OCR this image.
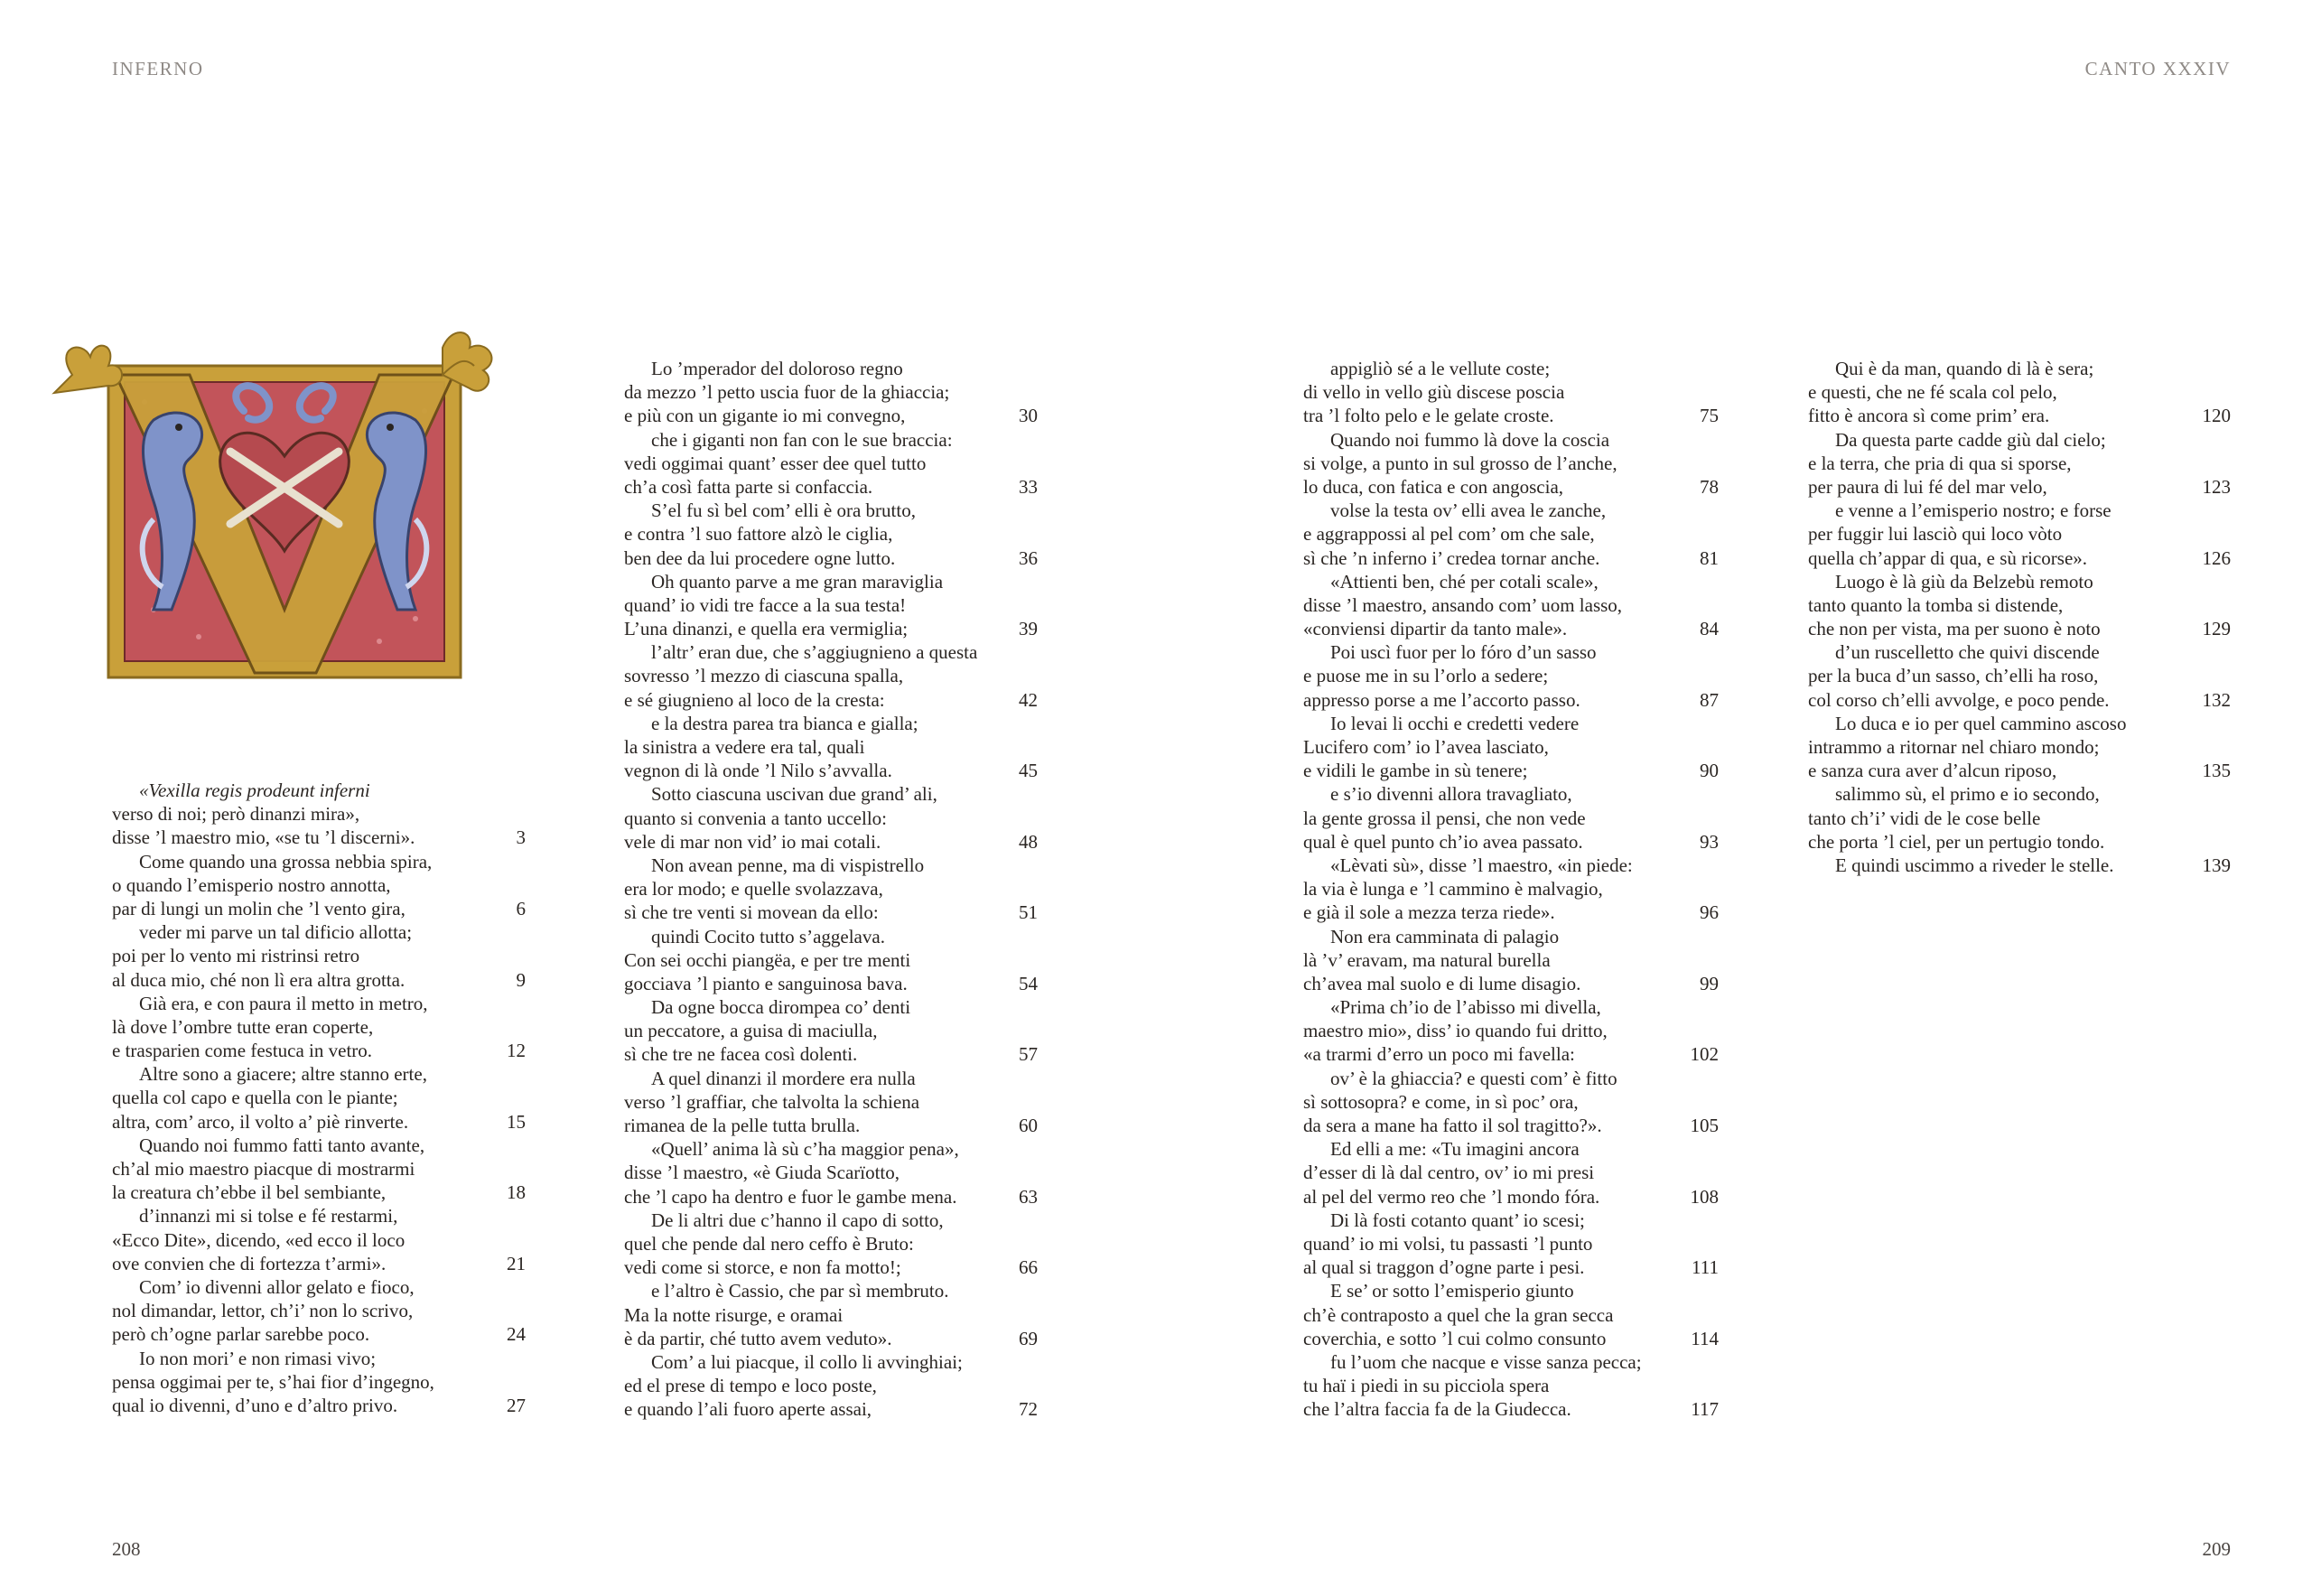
INFERNO	CANTO XXXIV
«Vexilla regis prodeunt inferni
verso di noi; però dinanzi mira»,
disse ’l maestro mio, «se tu ’l discerni».	3
Come quando una grossa nebbia spira,
o quando l’emisperio nostro annotta,
par di lungi un molin che ’l vento gira,	6
veder mi parve un tal dificio allotta;
poi per lo vento mi ristrinsi retro
al duca mio, ché non lì era altra grotta.	9
Già era, e con paura il metto in metro,
là dove l’ombre tutte eran coperte,
e trasparien come festuca in vetro.	12
Altre sono a giacere; altre stanno erte,
quella col capo e quella con le piante;
altra, com’ arco, il volto a’ piè rinverte.	15
Quando noi fummo fatti tanto avante,
ch’al mio maestro piacque di mostrarmi
la creatura ch’ebbe il bel sembiante,	18
d’innanzi mi si tolse e fé restarmi,
«Ecco Dite», dicendo, «ed ecco il loco
ove convien che di fortezza t’armi».	21
Com’ io divenni allor gelato e fioco,
nol dimandar, lettor, ch’i’ non lo scrivo,
però ch’ogne parlar sarebbe poco.	24
Io non mori’ e non rimasi vivo;
pensa oggimai per te, s’hai fior d’ingegno,
qual io divenni, d’uno e d’altro privo.	27
Lo ’mperador del doloroso regno
da mezzo ’l petto uscia fuor de la ghiaccia;
e più con un gigante io mi convegno,	30
che i giganti non fan con le sue braccia:
vedi oggimai quant’ esser dee quel tutto
ch’a così fatta parte si confaccia.	33
S’el fu sì bel com’ elli è ora brutto,
e contra ’l suo fattore alzò le ciglia,
ben dee da lui procedere ogne lutto.	36
Oh quanto parve a me gran maraviglia
quand’ io vidi tre facce a la sua testa!
L’una dinanzi, e quella era vermiglia;	39
l’altr’ eran due, che s’aggiugnieno a questa
sovresso ’l mezzo di ciascuna spalla,
e sé giugnieno al loco de la cresta:	42
e la destra parea tra bianca e gialla;
la sinistra a vedere era tal, quali
vegnon di là onde ’l Nilo s’avvalla.	45
Sotto ciascuna uscivan due grand’ ali,
quanto si convenia a tanto uccello:
vele di mar non vid’ io mai cotali.	48
Non avean penne, ma di vispistrello
era lor modo; e quelle svolazzava,
sì che tre venti si movean da ello:	51
quindi Cocito tutto s’aggelava.
Con sei occhi piangëa, e per tre menti
gocciava ’l pianto e sanguinosa bava.	54
Da ogne bocca dirompea co’ denti
un peccatore, a guisa di maciulla,
sì che tre ne facea così dolenti.	57
A quel dinanzi il mordere era nulla
verso ’l graffiar, che talvolta la schiena
rimanea de la pelle tutta brulla.	60
«Quell’ anima là sù c’ha maggior pena»,
disse ’l maestro, «è Giuda Scarïotto,
che ’l capo ha dentro e fuor le gambe mena.	63
De li altri due c’hanno il capo di sotto,
quel che pende dal nero ceffo è Bruto:
vedi come si storce, e non fa motto!;	66
e l’altro è Cassio, che par sì membruto.
Ma la notte risurge, e oramai
è da partir, ché tutto avem veduto».	69
Com’ a lui piacque, il collo li avvinghiai;
ed el prese di tempo e loco poste,
e quando l’ali fuoro aperte assai,	72
appigliò sé a le vellute coste;
di vello in vello giù discese poscia
tra ’l folto pelo e le gelate croste.	75
Quando noi fummo là dove la coscia
si volge, a punto in sul grosso de l’anche,
lo duca, con fatica e con angoscia,	78
volse la testa ov’ elli avea le zanche,
e aggrappossi al pel com’ om che sale,
sì che ’n inferno i’ credea tornar anche.	81
«Attienti ben, ché per cotali scale»,
disse ’l maestro, ansando com’ uom lasso,
«conviensi dipartir da tanto male».	84
Poi uscì fuor per lo fóro d’un sasso
e puose me in su l’orlo a sedere;
appresso porse a me l’accorto passo.	87
Io levai li occhi e credetti vedere
Lucifero com’ io l’avea lasciato,
e vidili le gambe in sù tenere;	90
e s’io divenni allora travagliato,
la gente grossa il pensi, che non vede
qual è quel punto ch’io avea passato.	93
«Lèvati sù», disse ’l maestro, «in piede:
la via è lunga e ’l cammino è malvagio,
e già il sole a mezza terza riede».	96
Non era camminata di palagio
là ’v’ eravam, ma natural burella
ch’avea mal suolo e di lume disagio.	99
«Prima ch’io de l’abisso mi divella,
maestro mio», diss’ io quando fui dritto,
«a trarmi d’erro un poco mi favella:	102
ov’ è la ghiaccia? e questi com’ è fitto
sì sottosopra? e come, in sì poc’ ora,
da sera a mane ha fatto il sol tragitto?».	105
Ed elli a me: «Tu imagini ancora
d’esser di là dal centro, ov’ io mi presi
al pel del vermo reo che ’l mondo fóra.	108
Di là fosti cotanto quant’ io scesi;
quand’ io mi volsi, tu passasti ’l punto
al qual si traggon d’ogne parte i pesi.	111
E se’ or sotto l’emisperio giunto
ch’è contraposto a quel che la gran secca
coverchia, e sotto ’l cui colmo consunto	114
fu l’uom che nacque e visse sanza pecca;
tu haï i piedi in su picciola spera
che l’altra faccia fa de la Giudecca.	117
Qui è da man, quando di là è sera;
e questi, che ne fé scala col pelo,
fitto è ancora sì come prim’ era.	120
Da questa parte cadde giù dal cielo;
e la terra, che pria di qua si sporse,
per paura di lui fé del mar velo,	123
e venne a l’emisperio nostro; e forse
per fuggir lui lasciò qui loco vòto
quella ch’appar di qua, e sù ricorse».	126
Luogo è là giù da Belzebù remoto
tanto quanto la tomba si distende,
che non per vista, ma per suono è noto	129
d’un ruscelletto che quivi discende
per la buca d’un sasso, ch’elli ha roso,
col corso ch’elli avvolge, e poco pende.	132
Lo duca e io per quel cammino ascoso
intrammo a ritornar nel chiaro mondo;
e sanza cura aver d’alcun riposo,	135
salimmo sù, el primo e io secondo,
tanto ch’i’ vidi de le cose belle
che porta ’l ciel, per un pertugio tondo.
E quindi uscimmo a riveder le stelle.	139
208	209
